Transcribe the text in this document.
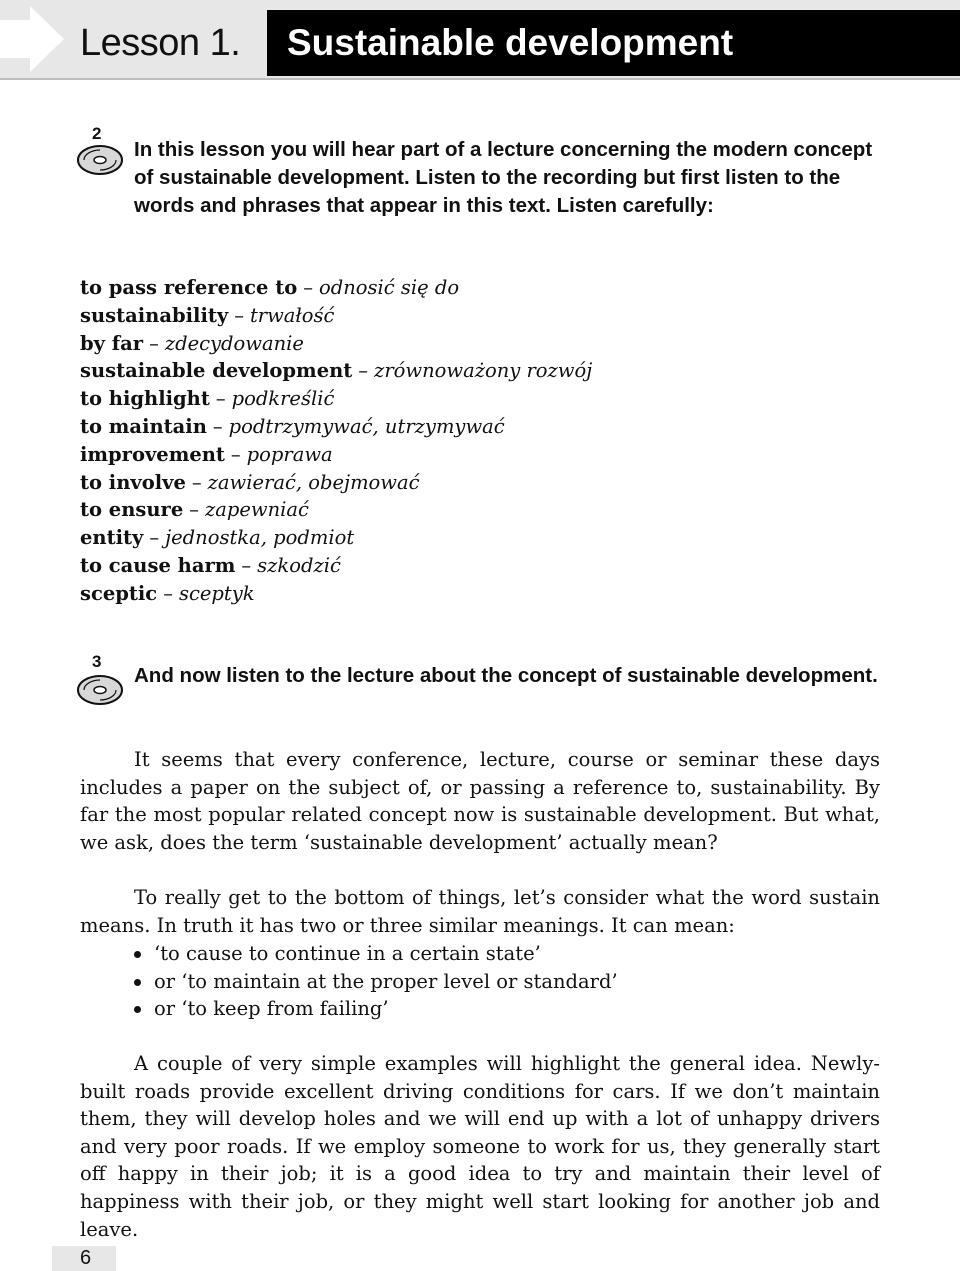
Lesson 1. Sustainable development
2

In this lesson you will hear part of a lecture concerning the modern concept of sustainable development. Listen to the recording but first listen to the words and phrases that appear in this text. Listen carefully:

to pass reference to – odnosić się do
sustainability – trwałość
by far – zdecydowanie
sustainable development – zrównoważony rozwój
to highlight – podkreślić
to maintain – podtrzymywać, utrzymywać
improvement – poprawa
to involve – zawierać, obejmować
to ensure – zapewniać
entity – jednostka, podmiot
to cause harm – szkodzić
sceptic – sceptyk
3

And now listen to the lecture about the concept of sustainable development.

It seems that every conference, lecture, course or seminar these days includes a paper on the subject of, or passing a reference to, sustainability. By far the most popular related concept now is sustainable development. But what, we ask, does the term ‘sustainable development’ actually mean?

To really get to the bottom of things, let’s consider what the word sustain means. In truth it has two or three similar meanings. It can mean:

‘to cause to continue in a certain state’
or ‘to maintain at the proper level or standard’
or ‘to keep from failing’

A couple of very simple examples will highlight the general idea. Newly-built roads provide excellent driving conditions for cars. If we don’t maintain them, they will develop holes and we will end up with a lot of unhappy drivers and very poor roads. If we employ someone to work for us, they generally start off happy in their job; it is a good idea to try and maintain their level of happiness with their job, or they might well start looking for another job and leave.

6
